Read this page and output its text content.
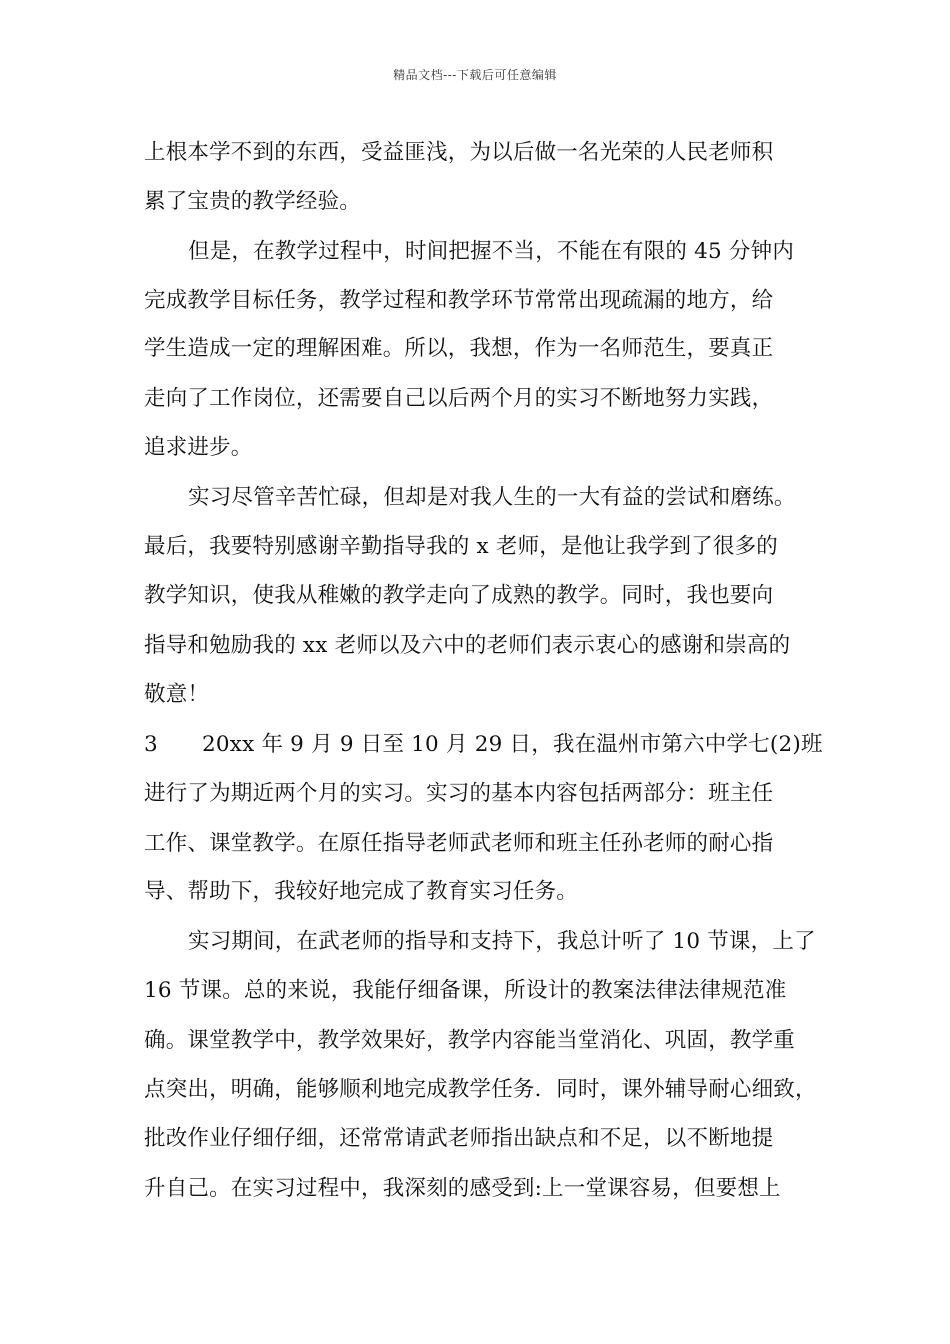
精品文档---下载后可任意编辑
上根本学不到的东西，受益匪浅，为以后做一名光荣的人民老师积
累了宝贵的教学经验。
但是，在教学过程中，时间把握不当，不能在有限的 45 分钟内
完成教学目标任务，教学过程和教学环节常常出现疏漏的地方，给
学生造成一定的理解困难。所以，我想，作为一名师范生，要真正
走向了工作岗位，还需要自己以后两个月的实习不断地努力实践，
追求进步。
实习尽管辛苦忙碌，但却是对我人生的一大有益的尝试和磨练。
最后，我要特别感谢辛勤指导我的 x 老师，是他让我学到了很多的
教学知识，使我从稚嫩的教学走向了成熟的教学。同时，我也要向
指导和勉励我的 xx 老师以及六中的老师们表示衷心的感谢和崇高的
敬意！
3 20xx 年 9 月 9 日至 10 月 29 日，我在温州市第六中学七(2)班
进行了为期近两个月的实习。实习的基本内容包括两部分：班主任
工作、课堂教学。在原任指导老师武老师和班主任孙老师的耐心指
导、帮助下，我较好地完成了教育实习任务。
实习期间，在武老师的指导和支持下，我总计听了 10 节课，上了
16 节课。总的来说，我能仔细备课，所设计的教案法律法律规范准
确。课堂教学中，教学效果好，教学内容能当堂消化、巩固，教学重
点突出，明确，能够顺利地完成教学任务．同时，课外辅导耐心细致，
批改作业仔细仔细，还常常请武老师指出缺点和不足，以不断地提
升自己。在实习过程中，我深刻的感受到:上一堂课容易，但要想上
